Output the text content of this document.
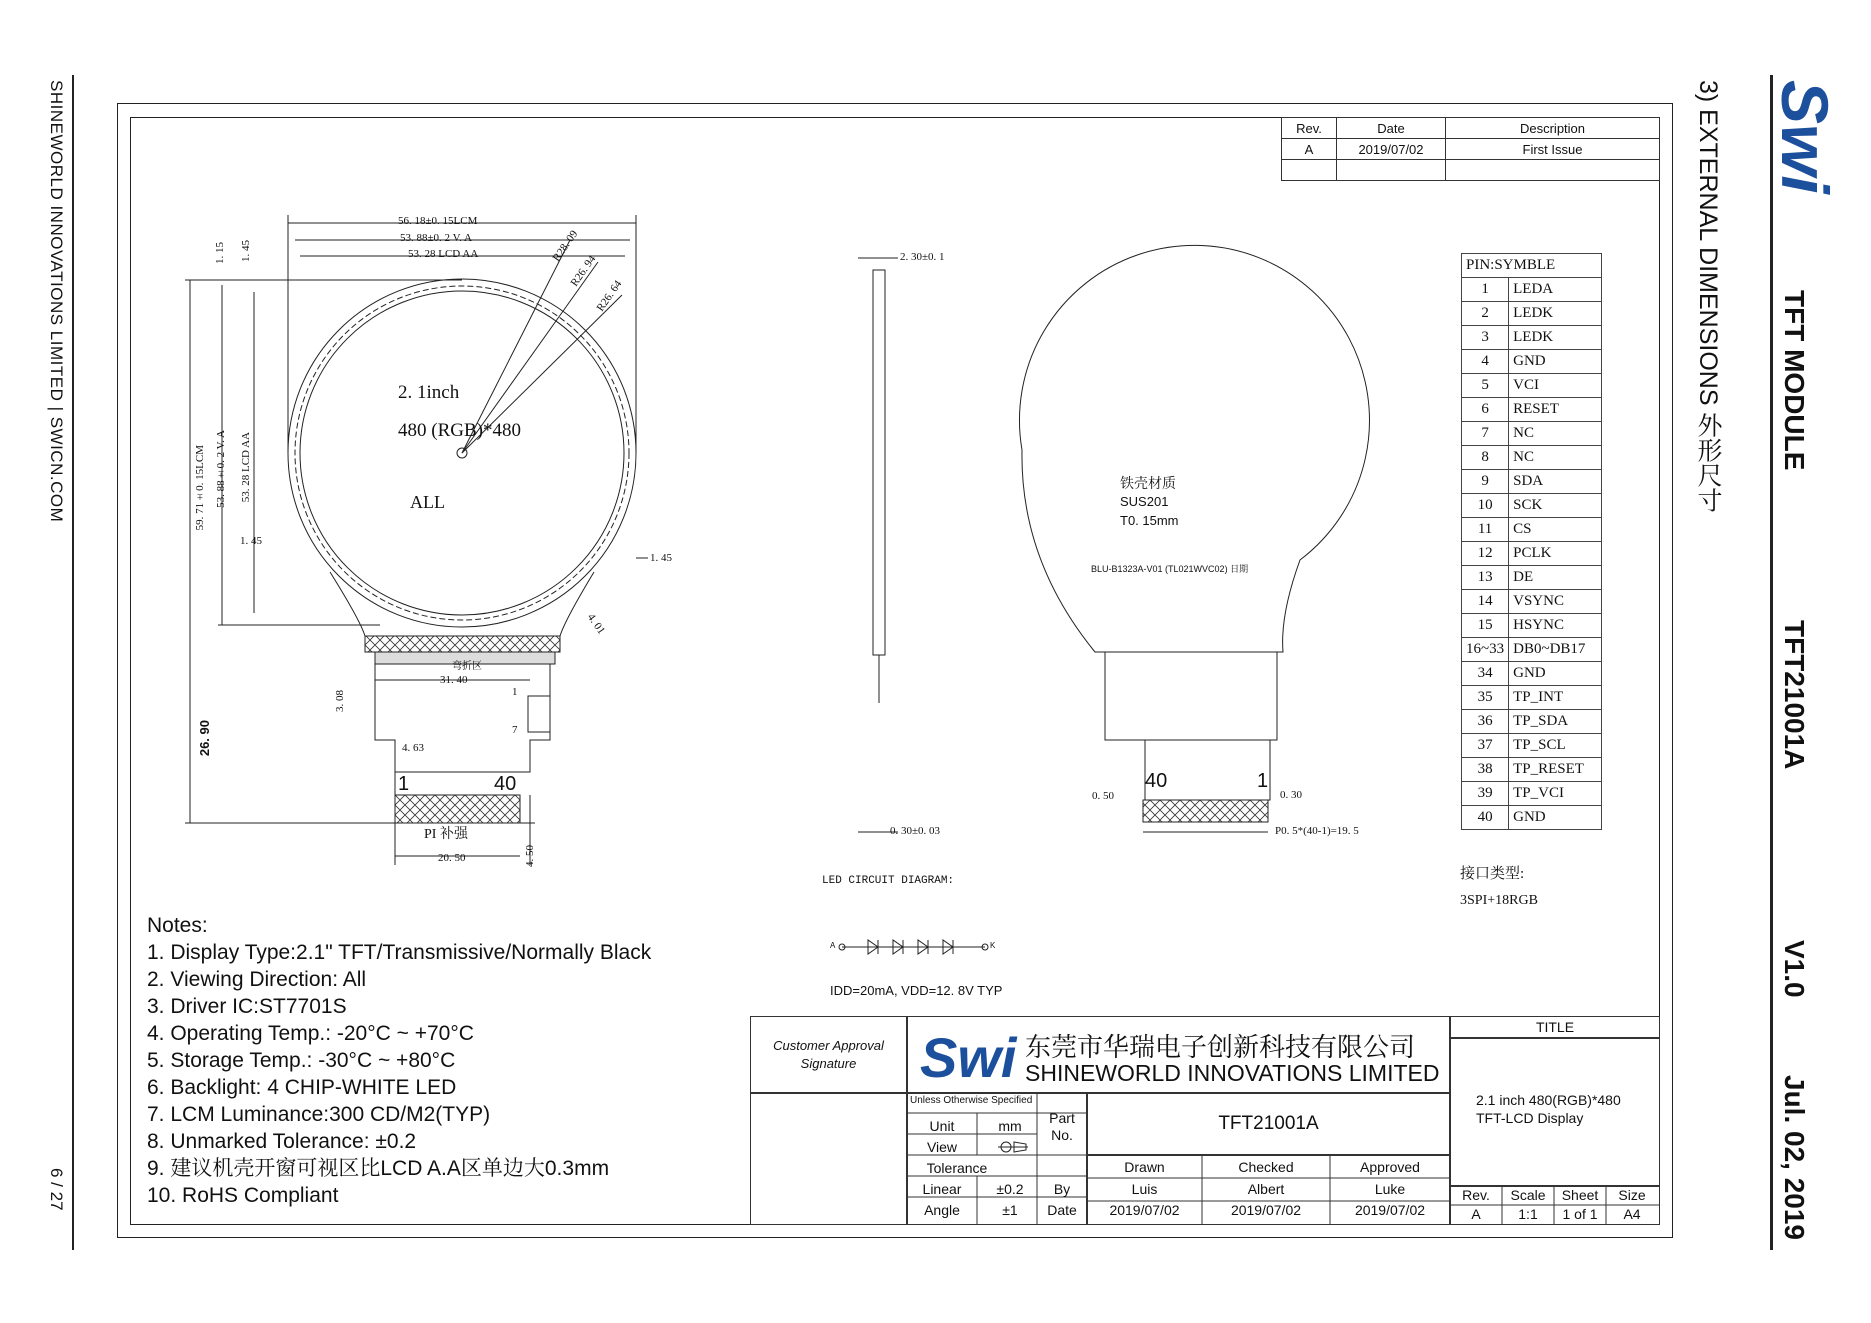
SHINEWORLD INNOVATIONS LIMITED | SWICN.COM
6 / 27
Swi
3) EXTERNAL DIMENSIONS 外形尺寸 TFT MODULE
TFT21001A
V1.0
Jul. 02, 2019
Rev.	Date	Description
A	2019/07/02	First Issue

56. 18±0. 15LCM
53. 88±0. 2 V. A
53. 28 LCD AA	R28. 09
R26. 94
R26. 64
2. 1inch
480 (RGB)*480
ALL
1. 15 1. 45
59. 71±0. 15LCM 53. 88±0. 2 V. A 53. 28 LCD AA
1. 45
1. 45
4. 01
弯折区
31. 40
3. 08
26. 90	4. 63
1
7
1	40
PI 补强
20. 50	4. 50
2. 30±0. 1
0. 30±0. 03
铁壳材质
SUS201
T0. 15mm
BLU-B1323A-V01 (TL021WVC02) 日期
40	1
0. 50	0. 30
P0. 5*(40-1)=19. 5
PIN:SYMBLE	
1	LEDA
2	LEDK
3	LEDK
4	GND
5	VCI
6	RESET
7	NC
8	NC
9	SDA
10	SCK
11	CS
12	PCLK
13	DE
14	VSYNC
15	HSYNC
16~33	DB0~DB17
34	GND
35	TP_INT
36	TP_SDA
37	TP_SCL
38	TP_RESET
39	TP_VCI
40	GND
接口类型:
3SPI+18RGB
LED CIRCUIT DIAGRAM:
A	K
IDD=20mA, VDD=12. 8V TYP
Notes:
1. Display Type:2.1" TFT/Transmissive/Normally Black
2. Viewing Direction: All
3. Driver IC:ST7701S
4. Operating Temp.: -20°C ~ +70°C
5. Storage Temp.: -30°C ~ +80°C
6. Backlight: 4 CHIP-WHITE LED
7. LCM Luminance:300 CD/M2(TYP)
8. Unmarked Tolerance: ±0.2
9. 建议机壳开窗可视区比LCD A.A区单边大0.3mm
10. RoHS Compliant
Customer Approval
Signature	Swi 东莞市华瑞电子创新科技有限公司
SHINEWORLD INNOVATIONS LIMITED
TITLE
2.1 inch 480(RGB)*480
TFT-LCD Display
Unless Otherwise Specified
Unit	mm
View
Tolerance
Linear	±0.2
Angle	±1
Part
No.
TFT21001A
Drawn	Checked	Approved
By
Date
Luis	Albert	Luke
2019/07/02	2019/07/02	2019/07/02
Rev.	Scale	Sheet	Size
A	1:1	1 of 1	A4
